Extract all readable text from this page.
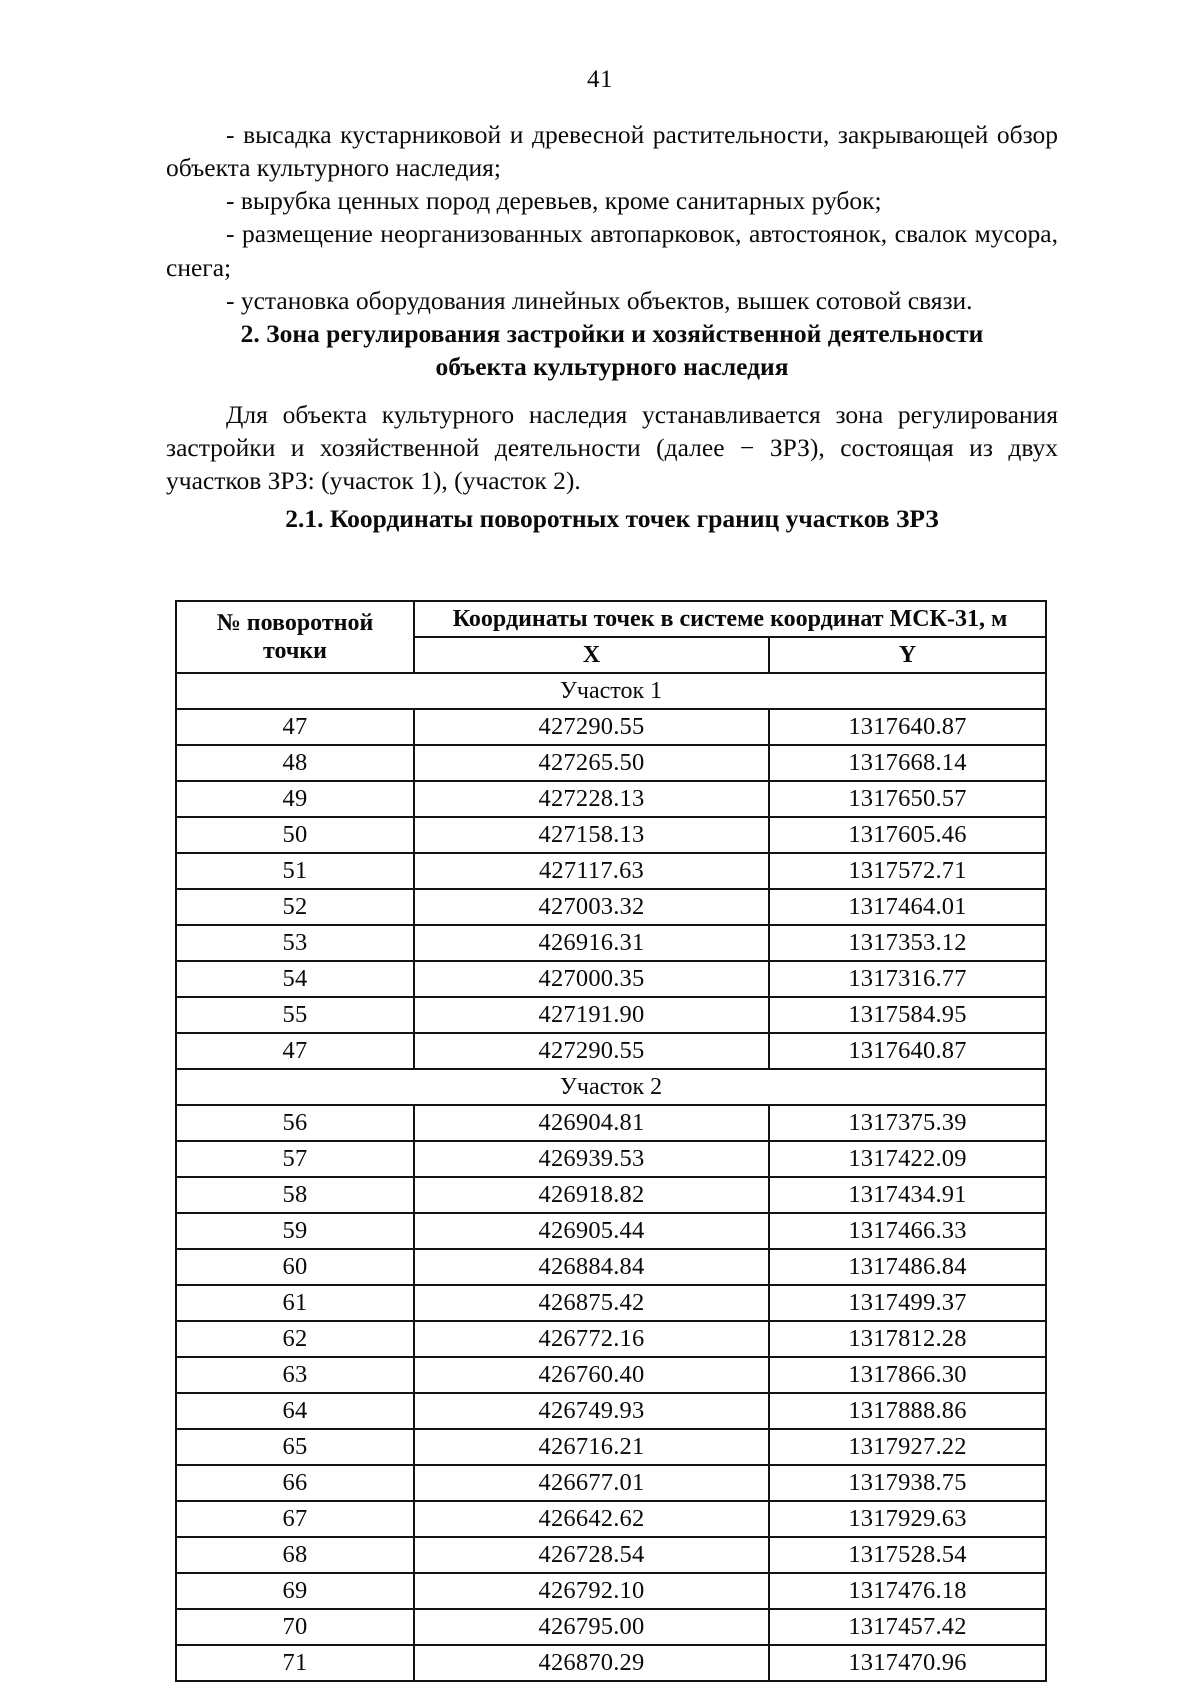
41

- высадка кустарниковой и древесной растительности, закрывающей обзор объекта культурного наследия;

- вырубка ценных пород деревьев, кроме санитарных рубок;

- размещение неорганизованных автопарковок, автостоянок, свалок мусора, снега;

- установка оборудования линейных объектов, вышек сотовой связи.

2. Зона регулирования застройки и хозяйственной деятельности
объекта культурного наследия

Для объекта культурного наследия устанавливается зона регулирования застройки и хозяйственной деятельности (далее − ЗРЗ), состоящая из двух участков ЗРЗ: (участок 1), (участок 2).

2.1. Координаты поворотных точек границ участков ЗРЗ
№ поворотной
точки	Координаты точек в системе координат МСК-31, м	
	X	Y
Участок 1		
47	427290.55	1317640.87
48	427265.50	1317668.14
49	427228.13	1317650.57
50	427158.13	1317605.46
51	427117.63	1317572.71
52	427003.32	1317464.01
53	426916.31	1317353.12
54	427000.35	1317316.77
55	427191.90	1317584.95
47	427290.55	1317640.87
Участок 2		
56	426904.81	1317375.39
57	426939.53	1317422.09
58	426918.82	1317434.91
59	426905.44	1317466.33
60	426884.84	1317486.84
61	426875.42	1317499.37
62	426772.16	1317812.28
63	426760.40	1317866.30
64	426749.93	1317888.86
65	426716.21	1317927.22
66	426677.01	1317938.75
67	426642.62	1317929.63
68	426728.54	1317528.54
69	426792.10	1317476.18
70	426795.00	1317457.42
71	426870.29	1317470.96
